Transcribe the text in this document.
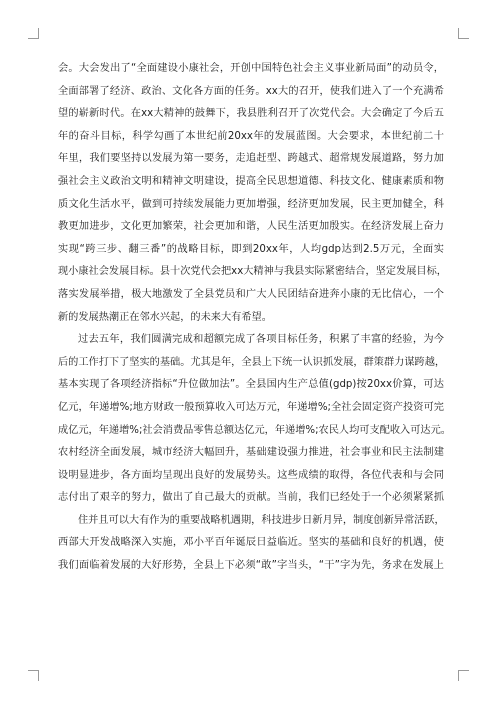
会。大会发出了“全面建设小康社会，开创中国特色社会主义事业新局面”的动员令，
全面部署了经济、政治、文化各方面的任务。xx大的召开，使我们进入了一个充满希
望的崭新时代。在xx大精神的鼓舞下，我县胜利召开了次党代会。大会确定了今后五
年的奋斗目标，科学勾画了本世纪前20xx年的发展蓝图。大会要求，本世纪前二十
年里，我们要坚持以发展为第一要务，走追赶型、跨越式、超常规发展道路，努力加
强社会主义政治文明和精神文明建设，提高全民思想道德、科技文化、健康素质和物
质文化生活水平，做到可持续发展能力更加增强，经济更加发展，民主更加健全，科
教更加进步，文化更加繁荣，社会更加和谐，人民生活更加殷实。在经济发展上奋力
实现“跨三步、翻三番”的战略目标，即到20xx年，人均gdp达到2.5万元，全面实
现小康社会发展目标。县十次党代会把xx大精神与我县实际紧密结合，坚定发展目标，
落实发展举措，极大地激发了全县党员和广大人民团结奋进奔小康的无比信心，一个
新的发展热潮正在邻水兴起，的未来大有希望。
过去五年，我们圆满完成和超额完成了各项目标任务，积累了丰富的经验，为今
后的工作打下了坚实的基础。尤其是年，全县上下统一认识抓发展，群策群力谋跨越，
基本实现了各项经济指标“升位做加法”。全县国内生产总值(gdp)按20xx价算，可达
亿元，年递增%;地方财政一般预算收入可达万元，年递增%;全社会固定资产投资可完
成亿元，年递增%;社会消费品零售总额达亿元，年递增%;农民人均可支配收入可达元。
农村经济全面发展，城市经济大幅回升，基础建设强力推进，社会事业和民主法制建
设明显进步，各方面均呈现出良好的发展势头。这些成绩的取得，各位代表和与会同
志付出了艰辛的努力，做出了自己最大的贡献。当前，我们已经处于一个必须紧紧抓
住并且可以大有作为的重要战略机遇期，科技进步日新月异，制度创新异常活跃，
西部大开发战略深入实施，邓小平百年诞辰日益临近。坚实的基础和良好的机遇，使
我们面临着发展的大好形势，全县上下必须“敢”字当头，“干”字为先，务求在发展上
